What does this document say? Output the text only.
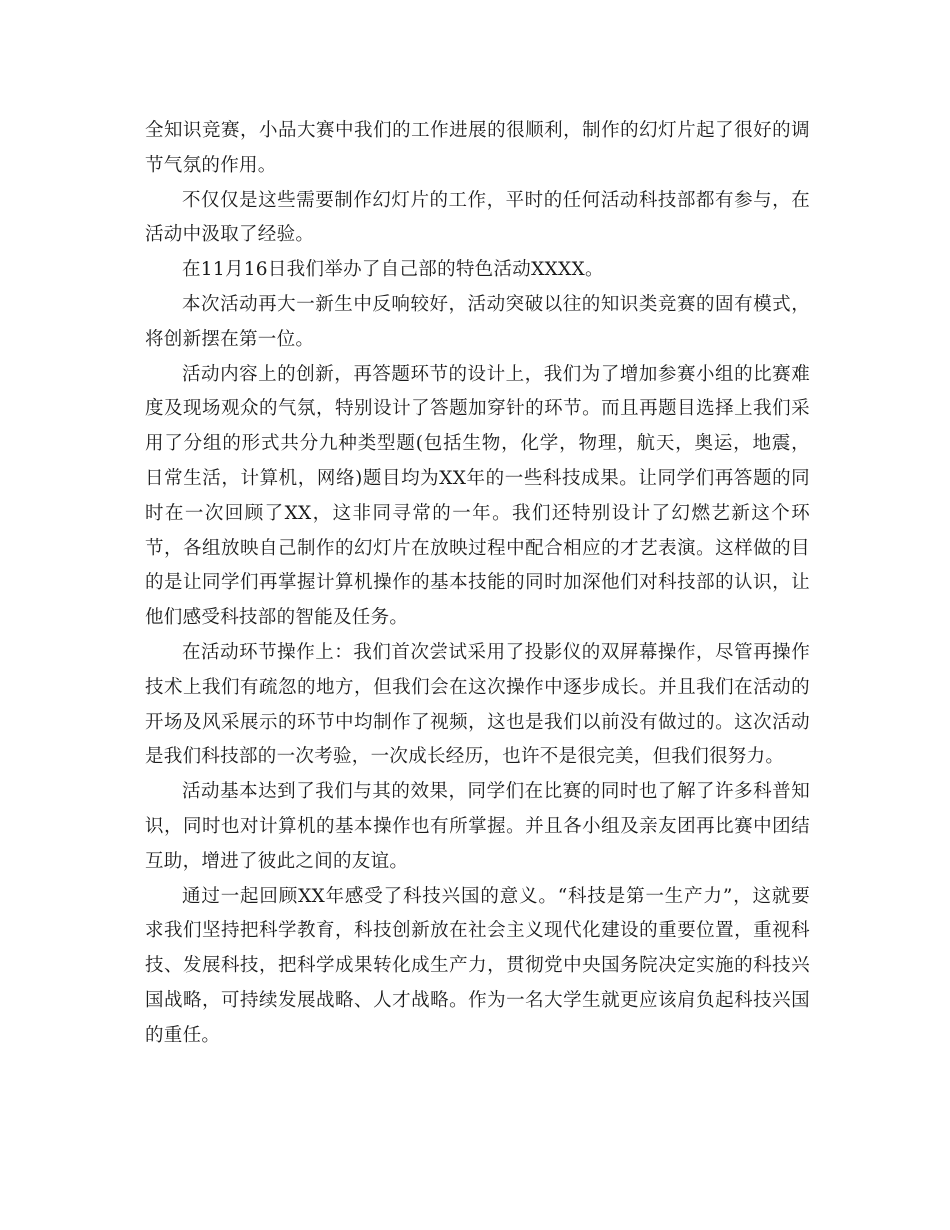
全知识竞赛，小品大赛中我们的工作进展的很顺利，制作的幻灯片起了很好的调节气氛的作用。

不仅仅是这些需要制作幻灯片的工作，平时的任何活动科技部都有参与，在活动中汲取了经验。

在11月16日我们举办了自己部的特色活动XXXX。

本次活动再大一新生中反响较好，活动突破以往的知识类竞赛的固有模式，将创新摆在第一位。

活动内容上的创新，再答题环节的设计上，我们为了增加参赛小组的比赛难度及现场观众的气氛，特别设计了答题加穿针的环节。而且再题目选择上我们采用了分组的形式共分九种类型题(包括生物，化学，物理，航天，奥运，地震，日常生活，计算机，网络)题目均为XX年的一些科技成果。让同学们再答题的同时在一次回顾了XX，这非同寻常的一年。我们还特别设计了幻燃艺新这个环节，各组放映自己制作的幻灯片在放映过程中配合相应的才艺表演。这样做的目的是让同学们再掌握计算机操作的基本技能的同时加深他们对科技部的认识，让他们感受科技部的智能及任务。

在活动环节操作上：我们首次尝试采用了投影仪的双屏幕操作，尽管再操作技术上我们有疏忽的地方，但我们会在这次操作中逐步成长。并且我们在活动的开场及风采展示的环节中均制作了视频，这也是我们以前没有做过的。这次活动是我们科技部的一次考验，一次成长经历，也许不是很完美，但我们很努力。

活动基本达到了我们与其的效果，同学们在比赛的同时也了解了许多科普知识，同时也对计算机的基本操作也有所掌握。并且各小组及亲友团再比赛中团结互助，增进了彼此之间的友谊。

通过一起回顾XX年感受了科技兴国的意义。“科技是第一生产力”，这就要求我们坚持把科学教育，科技创新放在社会主义现代化建设的重要位置，重视科技、发展科技，把科学成果转化成生产力，贯彻党中央国务院决定实施的科技兴国战略，可持续发展战略、人才战略。作为一名大学生就更应该肩负起科技兴国的重任。
